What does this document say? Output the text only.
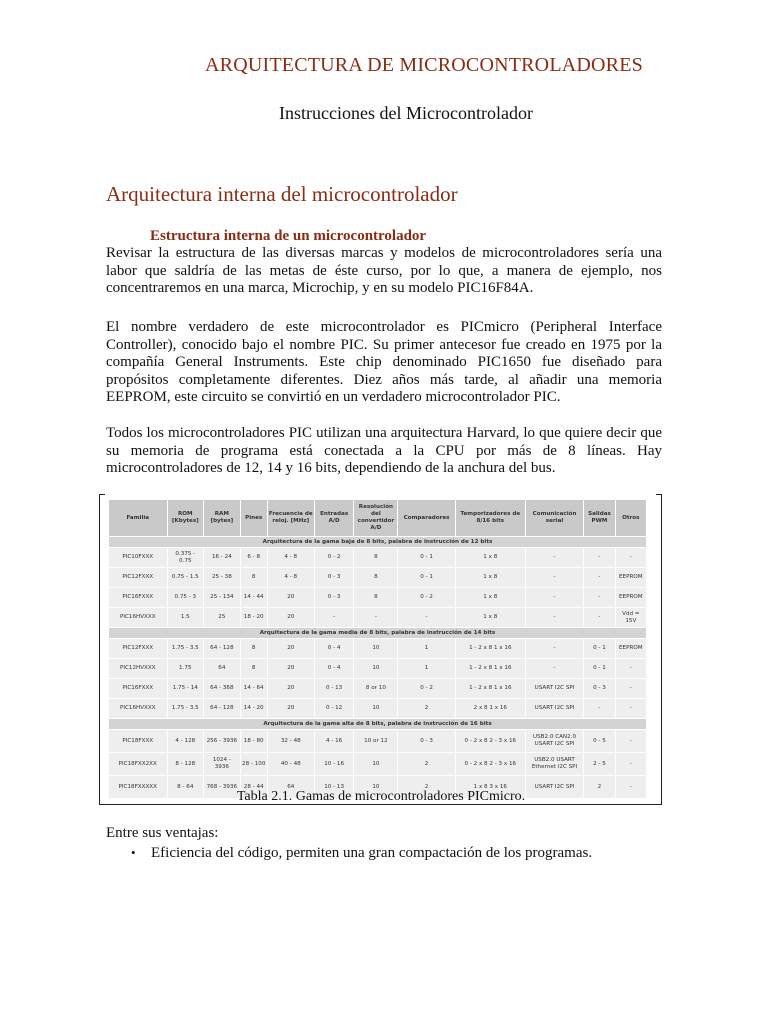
ARQUITECTURA DE MICROCONTROLADORES
Instrucciones del Microcontrolador
Arquitectura interna del microcontrolador
Estructura interna de un microcontrolador
Revisar la estructura de las diversas marcas y modelos de microcontroladores sería una labor que saldría de las metas de éste curso, por lo que, a manera de ejemplo, nos concentraremos en una marca, Microchip, y en su modelo PIC16F84A.
El nombre verdadero de este microcontrolador es PICmicro (Peripheral Interface Controller), conocido bajo el nombre PIC. Su primer antecesor fue creado en 1975 por la compañía General Instruments. Este chip denominado PIC1650 fue diseñado para propósitos completamente diferentes. Diez años más tarde, al añadir una memoria EEPROM, este circuito se convirtió en un verdadero microcontrolador PIC.
Todos los microcontroladores PIC utilizan una arquitectura Harvard, lo que quiere decir que su memoria de programa está conectada a la CPU por más de 8 líneas. Hay microcontroladores de 12, 14 y 16 bits, dependiendo de la anchura del bus.
Familia	ROM [Kbytes]	RAM [bytes]	Pines	Frecuencia de reloj. [MHz]	Entradas A/D	Resolución del convertidor A/D	Comparadores	Temporizadores de 8/16 bits	Comunicación serial	Salidas PWM	Otros
Arquitectura de la gama baja de 8 bits, palabra de instrucción de 12 bits											
PIC10FXXX	0.375 - 0.75	16 - 24	6 - 8	4 - 8	0 - 2	8	0 - 1	1 x 8	-	-	-
PIC12FXXX	0.75 - 1.5	25 - 38	8	4 - 8	0 - 3	8	0 - 1	1 x 8	-	-	EEPROM
PIC16FXXX	0.75 - 3	25 - 134	14 - 44	20	0 - 3	8	0 - 2	1 x 8	-	-	EEPROM
PIC16HVXXX	1.5	25	18 - 20	20	-	-	-	1 x 8	-	-	Vdd = 15V
Arquitectura de la gama media de 8 bits, palabra de instrucción de 14 bits											
PIC12FXXX	1.75 - 3.5	64 - 128	8	20	0 - 4	10	1	1 - 2 x 8 1 x 16	-	0 - 1	EEPROM
PIC12HVXXX	1.75	64	8	20	0 - 4	10	1	1 - 2 x 8 1 x 16	-	0 - 1	-
PIC16FXXX	1.75 - 14	64 - 368	14 - 64	20	0 - 13	8 or 10	0 - 2	1 - 2 x 8 1 x 16	USART I2C SPI	0 - 3	-
PIC16HVXXX	1.75 - 3.5	64 - 128	14 - 20	20	0 - 12	10	2	2 x 8 1 x 16	USART I2C SPI	-	-
Arquitectura de la gama alta de 8 bits, palabra de instrucción de 16 bits											
PIC18FXXX	4 - 128	256 - 3936	18 - 80	32 - 48	4 - 16	10 or 12	0 - 3	0 - 2 x 8 2 - 3 x 16	USB2.0 CAN2.0 USART I2C SPI	0 - 5	-
PIC18FXX2XX	8 - 128	1024 - 3936	28 - 100	40 - 48	10 - 16	10	2	0 - 2 x 8 2 - 3 x 16	USB2.0 USART Ethernet I2C SPI	2 - 5	-
PIC18FXXXXX	8 - 64	768 - 3936	28 - 44	64	10 - 13	10	2	1 x 8 3 x 16	USART I2C SPI	2	-
Tabla 2.1. Gamas de microcontroladores PICmicro.
Entre sus ventajas:
• Eficiencia del código, permiten una gran compactación de los programas.
